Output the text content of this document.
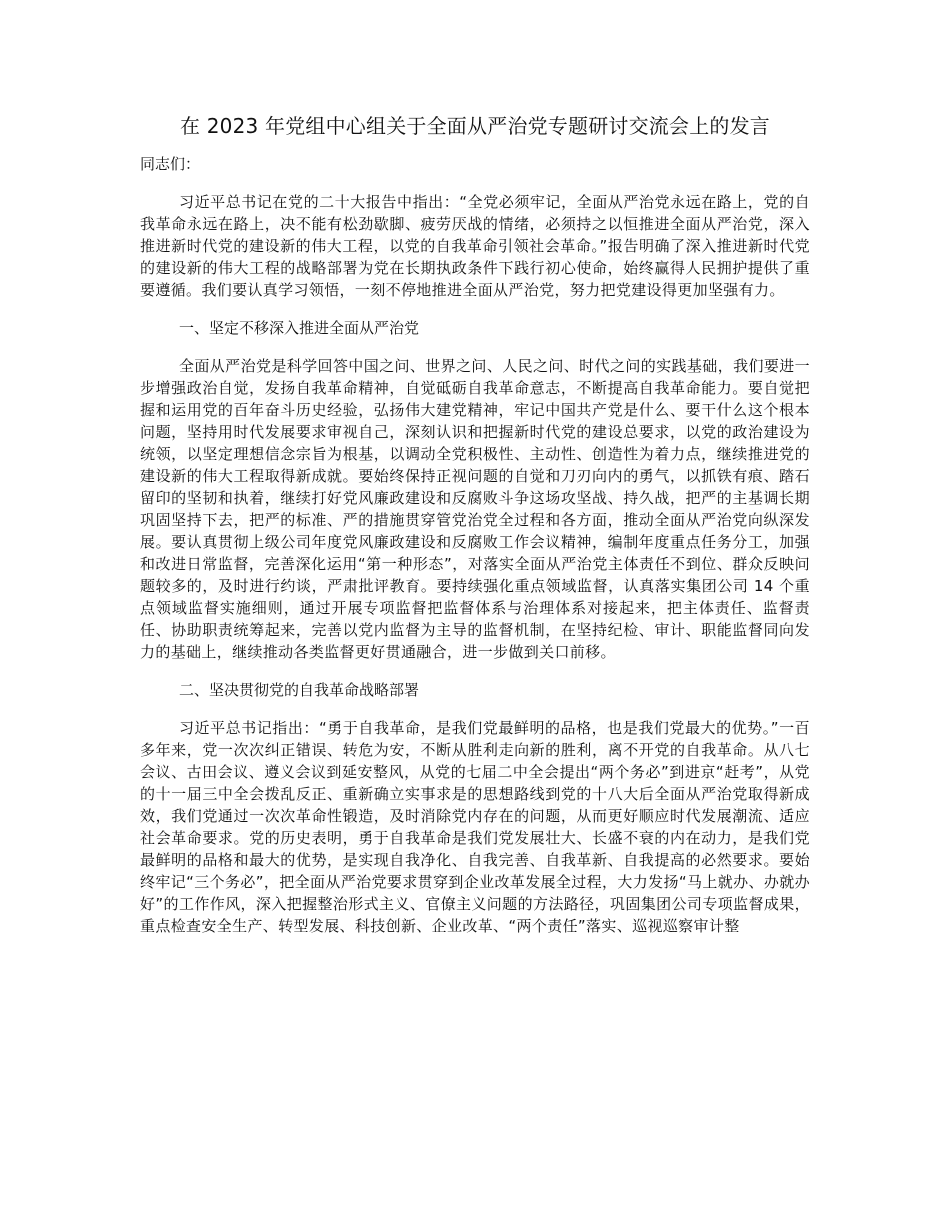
在 2023 年党组中心组关于全面从严治党专题研讨交流会上的发言

同志们：

习近平总书记在党的二十大报告中指出：“全党必须牢记，全面从严治党永远在路上，党的自我革命永远在路上，决不能有松劲歇脚、疲劳厌战的情绪，必须持之以恒推进全面从严治党，深入推进新时代党的建设新的伟大工程，以党的自我革命引领社会革命。”报告明确了深入推进新时代党的建设新的伟大工程的战略部署为党在长期执政条件下践行初心使命，始终赢得人民拥护提供了重要遵循。我们要认真学习领悟，一刻不停地推进全面从严治党，努力把党建设得更加坚强有力。

一、坚定不移深入推进全面从严治党

全面从严治党是科学回答中国之问、世界之问、人民之问、时代之问的实践基础，我们要进一步增强政治自觉，发扬自我革命精神，自觉砥砺自我革命意志，不断提高自我革命能力。要自觉把握和运用党的百年奋斗历史经验，弘扬伟大建党精神，牢记中国共产党是什么、要干什么这个根本问题，坚持用时代发展要求审视自己，深刻认识和把握新时代党的建设总要求，以党的政治建设为统领，以坚定理想信念宗旨为根基，以调动全党积极性、主动性、创造性为着力点，继续推进党的建设新的伟大工程取得新成就。要始终保持正视问题的自觉和刀刃向内的勇气，以抓铁有痕、踏石留印的坚韧和执着，继续打好党风廉政建设和反腐败斗争这场攻坚战、持久战，把严的主基调长期巩固坚持下去，把严的标准、严的措施贯穿管党治党全过程和各方面，推动全面从严治党向纵深发展。要认真贯彻上级公司年度党风廉政建设和反腐败工作会议精神，编制年度重点任务分工，加强和改进日常监督，完善深化运用“第一种形态”，对落实全面从严治党主体责任不到位、群众反映问题较多的，及时进行约谈，严肃批评教育。要持续强化重点领域监督，认真落实集团公司 14 个重点领域监督实施细则，通过开展专项监督把监督体系与治理体系对接起来，把主体责任、监督责任、协助职责统筹起来，完善以党内监督为主导的监督机制，在坚持纪检、审计、职能监督同向发力的基础上，继续推动各类监督更好贯通融合，进一步做到关口前移。

二、坚决贯彻党的自我革命战略部署

习近平总书记指出：“勇于自我革命，是我们党最鲜明的品格，也是我们党最大的优势。”一百多年来，党一次次纠正错误、转危为安，不断从胜利走向新的胜利，离不开党的自我革命。从八七会议、古田会议、遵义会议到延安整风，从党的七届二中全会提出“两个务必”到进京“赶考”，从党的十一届三中全会拨乱反正、重新确立实事求是的思想路线到党的十八大后全面从严治党取得新成效，我们党通过一次次革命性锻造，及时消除党内存在的问题，从而更好顺应时代发展潮流、适应社会革命要求。党的历史表明，勇于自我革命是我们党发展壮大、长盛不衰的内在动力，是我们党最鲜明的品格和最大的优势，是实现自我净化、自我完善、自我革新、自我提高的必然要求。要始终牢记“三个务必”，把全面从严治党要求贯穿到企业改革发展全过程，大力发扬“马上就办、办就办好”的工作作风，深入把握整治形式主义、官僚主义问题的方法路径，巩固集团公司专项监督成果，重点检查安全生产、转型发展、科技创新、企业改革、“两个责任”落实、巡视巡察审计整
